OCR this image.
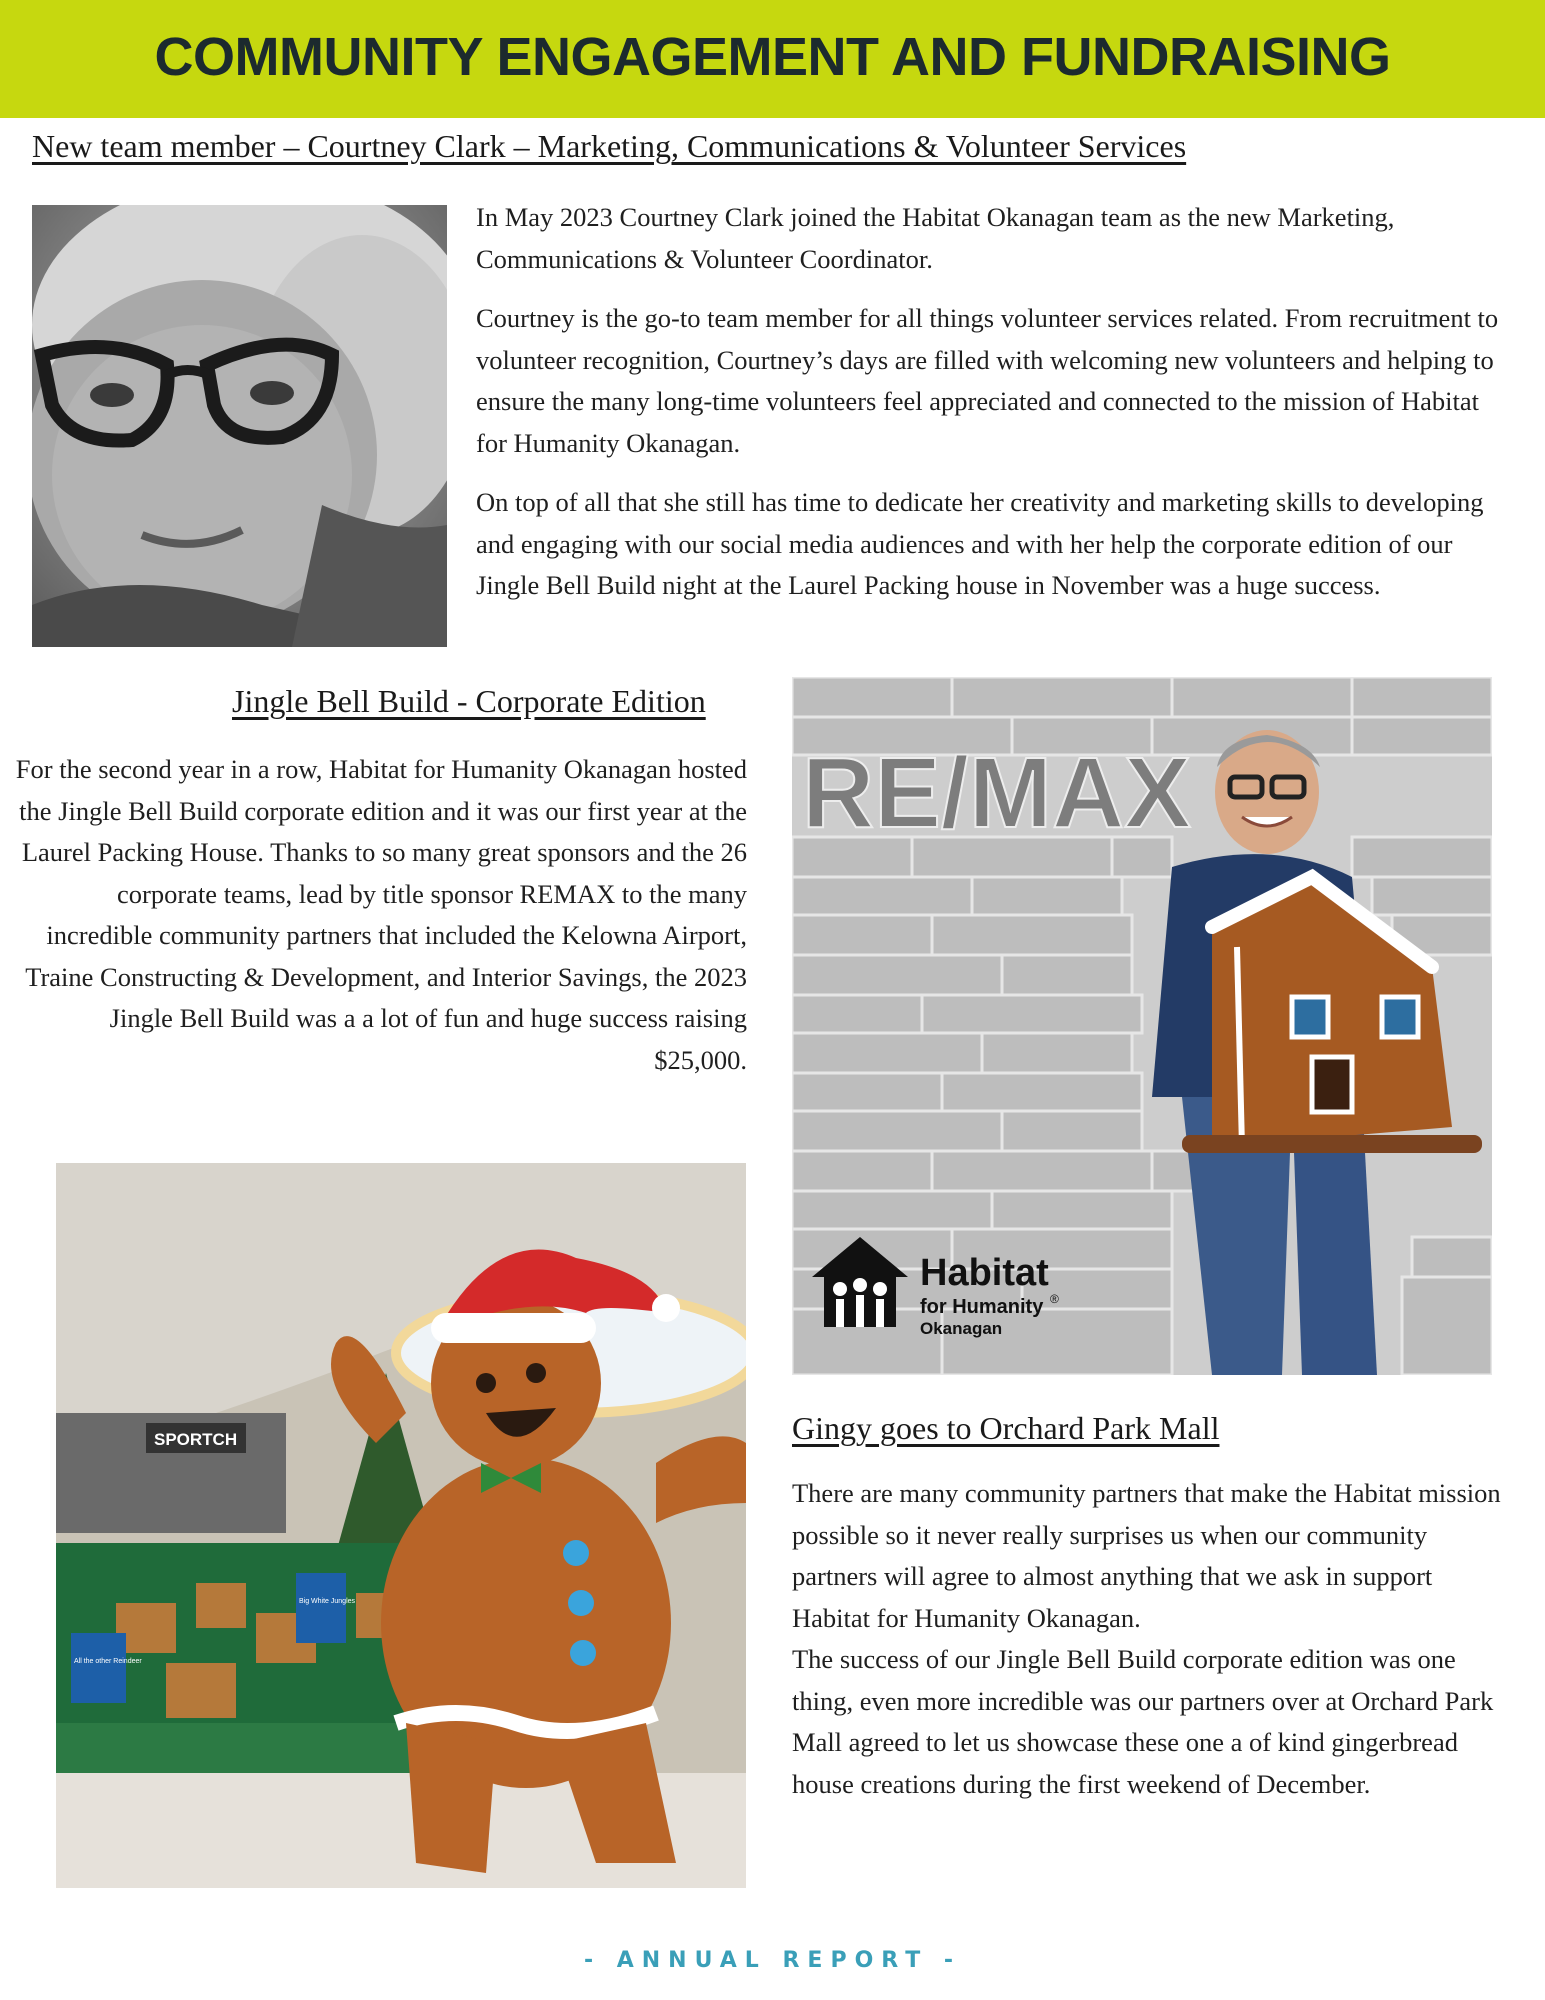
COMMUNITY ENGAGEMENT AND FUNDRAISING
New team member – Courtney Clark – Marketing, Communications & Volunteer Services

In May 2023 Courtney Clark joined the Habitat Okanagan team as the new Marketing, Communications & Volunteer Coordinator.

Courtney is the go-to team member for all things volunteer services related. From recruitment to volunteer recognition, Courtney’s days are filled with welcoming new volunteers and helping to ensure the many long-time volunteers feel appreciated and connected to the mission of Habitat for Humanity Okanagan.

On top of all that she still has time to dedicate her creativity and marketing skills to developing and engaging with our social media audiences and with her help the corporate edition of our Jingle Bell Build night at the Laurel Packing house in November was a huge success.

Jingle Bell Build - Corporate Edition
For the second year in a row, Habitat for Humanity Okanagan hosted the Jingle Bell Build corporate edition and it was our first year at the Laurel Packing House. Thanks to so many great sponsors and the 26 corporate teams, lead by title sponsor REMAX to the many incredible community partners that included the Kelowna Airport, Traine Constructing & Development, and Interior Savings, the 2023 Jingle Bell Build was a a lot of fun and huge success raising $25,000.
RE/MAX
Habitat
for Humanity ®
Okanagan
SPORTCH
All the other Reindeer
Big White Jungles
Gingy goes to Orchard Park Mall

There are many community partners that make the Habitat mission possible so it never really surprises us when our community partners will agree to almost anything that we ask in support Habitat for Humanity Okanagan.

The success of our Jingle Bell Build corporate edition was one thing, even more incredible was our partners over at Orchard Park Mall agreed to let us showcase these one a of kind gingerbread house creations during the first weekend of December.

- ANNUAL REPORT -
